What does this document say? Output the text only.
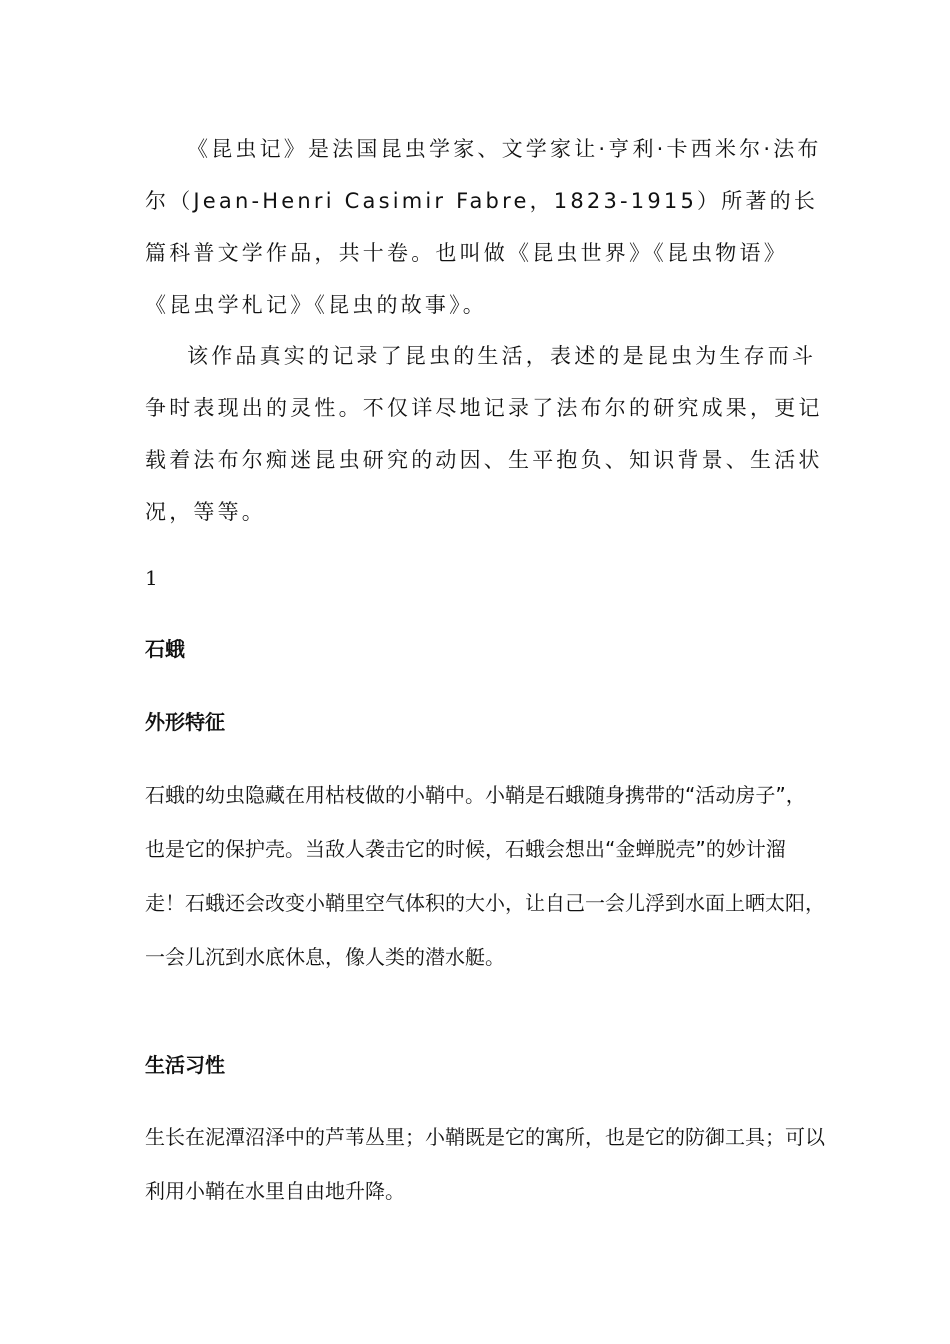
《昆虫记》是法国昆虫学家、文学家让·亨利·卡西米尔·法布尔（Jean-Henri Casimir Fabre，1823-1915）所著的长篇科普文学作品，共十卷。也叫做《昆虫世界》《昆虫物语》《昆虫学札记》《昆虫的故事》。

该作品真实的记录了昆虫的生活，表述的是昆虫为生存而斗争时表现出的灵性。不仅详尽地记录了法布尔的研究成果，更记载着法布尔痴迷昆虫研究的动因、生平抱负、知识背景、生活状况，等等。

1

石蛾

外形特征

石蛾的幼虫隐藏在用枯枝做的小鞘中。小鞘是石蛾随身携带的“活动房子”，也是它的保护壳。当敌人袭击它的时候，石蛾会想出“金蝉脱壳”的妙计溜走！石蛾还会改变小鞘里空气体积的大小，让自己一会儿浮到水面上晒太阳，一会儿沉到水底休息，像人类的潜水艇。

生活习性

生长在泥潭沼泽中的芦苇丛里；小鞘既是它的寓所，也是它的防御工具；可以利用小鞘在水里自由地升降。
